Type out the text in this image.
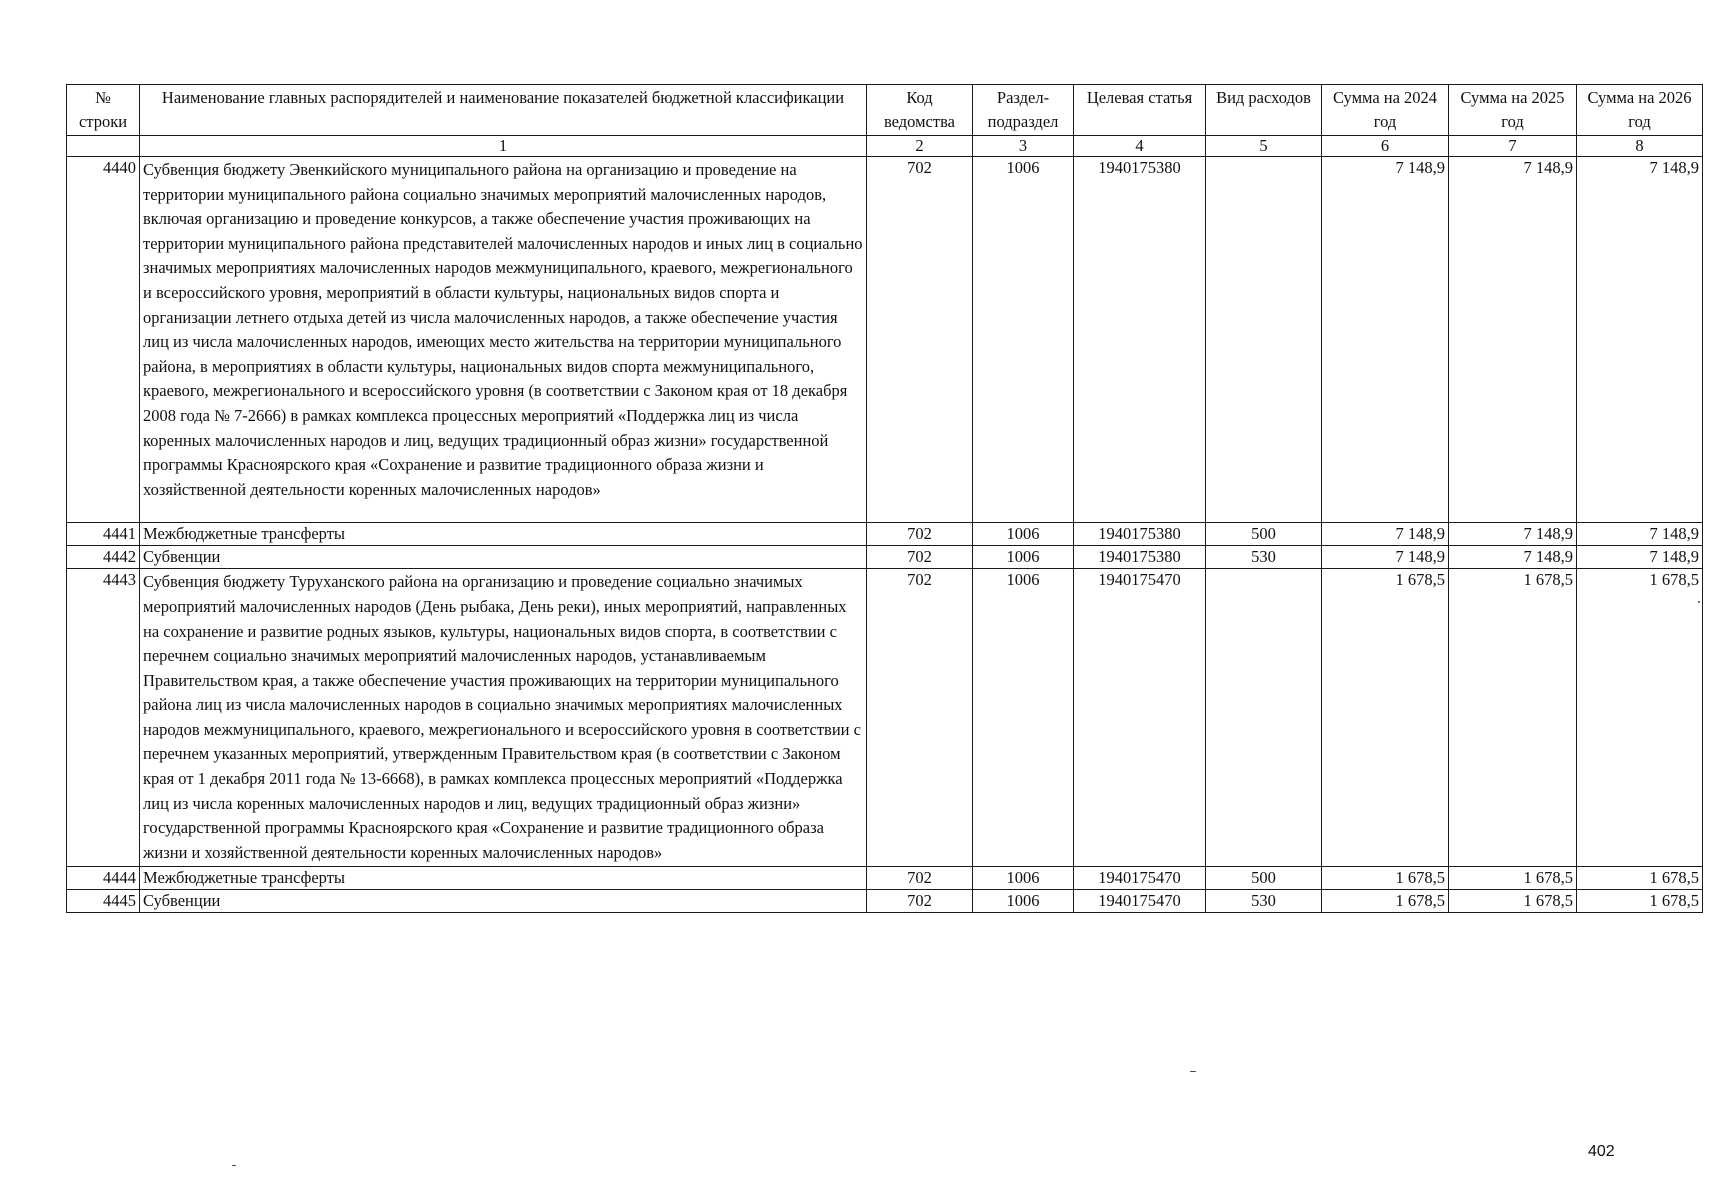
№
строки	Наименование главных распорядителей и наименование показателей бюджетной классификации	Код ведомства	Раздел-подраздел	Целевая статья	Вид расходов	Сумма на 2024 год	Сумма на 2025 год	Сумма на 2026 год
	1	2	3	4	5	6	7	8
4440	Субвенция бюджету Эвенкийского муниципального района на организацию и проведение на территории муниципального района социально значимых мероприятий малочисленных народов, включая организацию и проведение конкурсов, а также обеспечение участия проживающих на территории муниципального района представителей малочисленных народов и иных лиц в социально значимых мероприятиях малочисленных народов межмуниципального, краевого, межрегионального и всероссийского уровня, мероприятий в области культуры, национальных видов спорта и организации летнего отдыха детей из числа малочисленных народов, а также обеспечение участия лиц из числа малочисленных народов, имеющих место жительства на территории муниципального района, в мероприятиях в области культуры, национальных видов спорта межмуниципального, краевого, межрегионального и всероссийского уровня (в соответствии с Законом края от 18 декабря 2008 года № 7-2666) в рамках комплекса процессных мероприятий «Поддержка лиц из числа коренных малочисленных народов и лиц, ведущих традиционный образ жизни» государственной программы Красноярского края «Сохранение и развитие традиционного образа жизни и хозяйственной деятельности коренных малочисленных народов»	702	1006	1940175380		7 148,9	7 148,9	7 148,9
4441	Межбюджетные трансферты	702	1006	1940175380	500	7 148,9	7 148,9	7 148,9
4442	Субвенции	702	1006	1940175380	530	7 148,9	7 148,9	7 148,9
4443	Субвенция бюджету Туруханского района на организацию и проведение социально значимых мероприятий малочисленных народов (День рыбака, День реки), иных мероприятий, направленных на сохранение и развитие родных языков, культуры, национальных видов спорта, в соответствии с перечнем социально значимых мероприятий малочисленных народов, устанавливаемым Правительством края, а также обеспечение участия проживающих на территории муниципального района лиц из числа малочисленных народов в социально значимых мероприятиях малочисленных народов межмуниципального, краевого, межрегионального и всероссийского уровня в соответствии с перечнем указанных мероприятий, утвержденным Правительством края (в соответствии с Законом края от 1 декабря 2011 года № 13-6668), в рамках комплекса процессных мероприятий «Поддержка лиц из числа коренных малочисленных народов и лиц, ведущих традиционный образ жизни» государственной программы Красноярского края «Сохранение и развитие традиционного образа жизни и хозяйственной деятельности коренных малочисленных народов»	702	1006	1940175470		1 678,5	1 678,5	1 678,5
4444	Межбюджетные трансферты	702	1006	1940175470	500	1 678,5	1 678,5	1 678,5
4445	Субвенции	702	1006	1940175470	530	1 678,5	1 678,5	1 678,5
402
